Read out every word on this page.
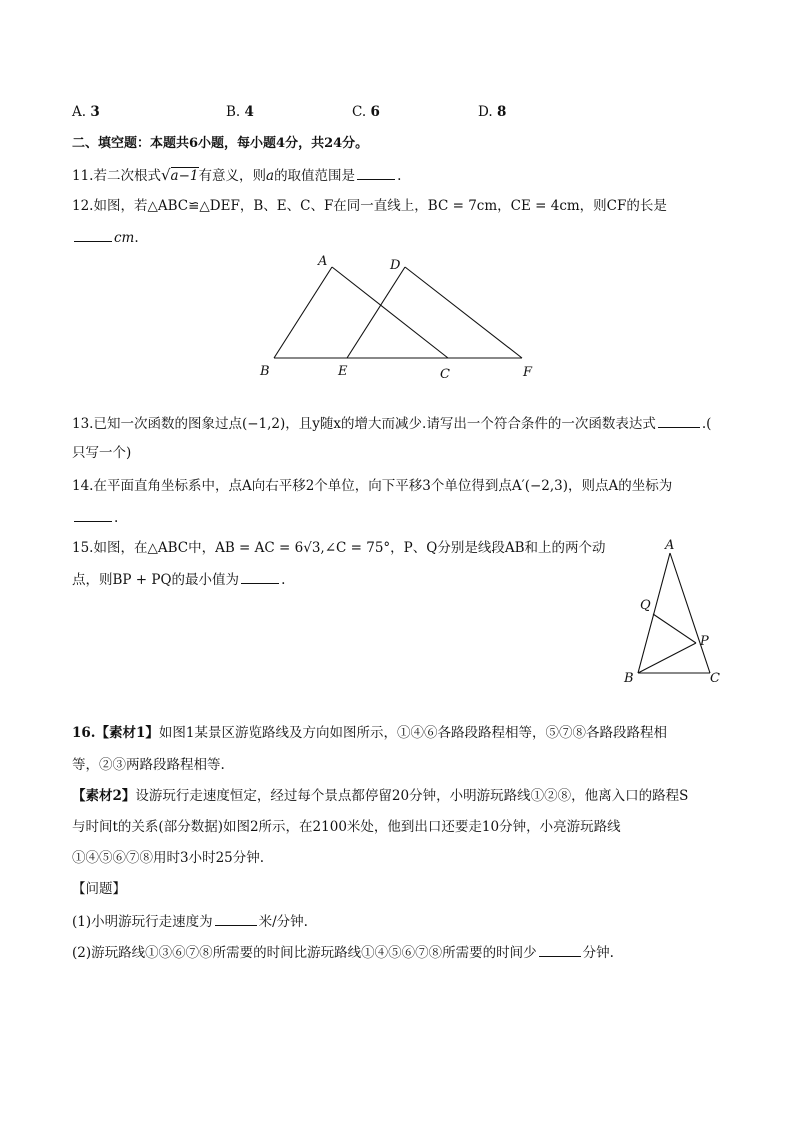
A. 3	B. 4	C. 6	D. 8
二、填空题：本题共6小题，每小题4分，共24分。
11.若二次根式√a−1有意义，则a的取值范围是	.
12.如图，若△ABC≌△DEF，B、E、C、F在同一直线上，BC = 7cm，CE = 4cm，则CF的长是
cm.
A	D
B	E	C	F
13.已知一次函数的图象过点(−1,2)，且y随x的增大而减少.请写出一个符合条件的一次函数表达式	.(
只写一个)
14.在平面直角坐标系中，点A向右平移2个单位，向下平移3个单位得到点A′(−2,3)，则点A的坐标为
.
15.如图，在△ABC中，AB = AC = 6√3,∠C = 75°，P、Q分别是线段AB和上的两个动
点，则BP + PQ的最小值为	.
A
Q
P
B	C
16.【素材1】如图1某景区游览路线及方向如图所示，①④⑥各路段路程相等，⑤⑦⑧各路段路程相
等，②③两路段路程相等.
【素材2】设游玩行走速度恒定，经过每个景点都停留20分钟，小明游玩路线①②⑧，他离入口的路程S
与时间t的关系(部分数据)如图2所示，在2100米处，他到出口还要走10分钟，小亮游玩路线
①④⑤⑥⑦⑧用时3小时25分钟.
【问题】
(1)小明游玩行走速度为	米/分钟.
(2)游玩路线①③⑥⑦⑧所需要的时间比游玩路线①④⑤⑥⑦⑧所需要的时间少	分钟.
